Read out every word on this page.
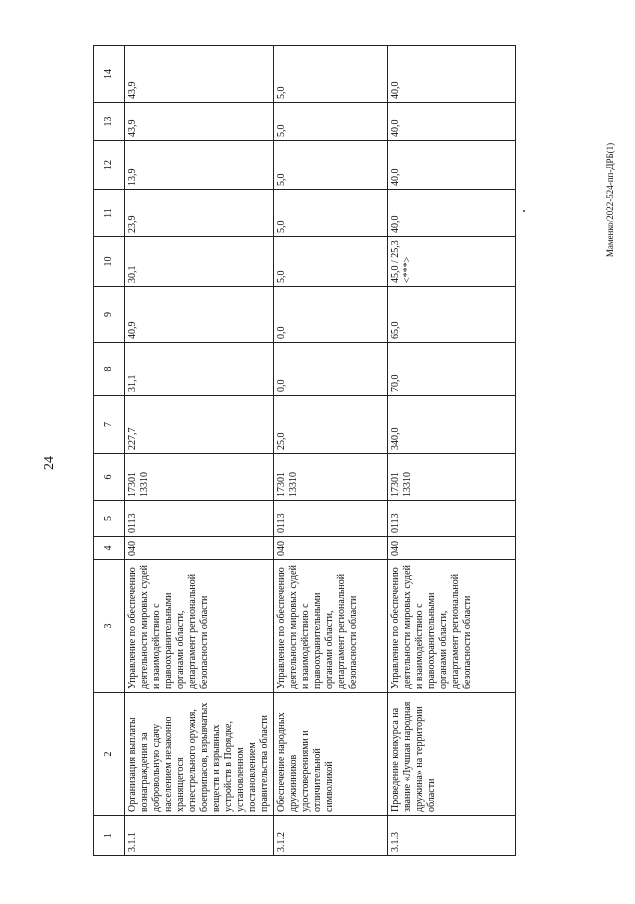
24
Маменко/2022-524-пп-ДРБ(1)
1	2	3	4	5	6	7	8	9	10	11	12	13	14
3.1.1	Организация выплаты вознаграждения за добровольную сдачу населением незаконно хранящегося огнестрельного оружия, боеприпасов, взрывчатых веществ и взрывных устройств в Порядке, установленном постановлением правительства области	Управление по обеспечению деятельности мировых судей и взаимодействию с правоохранительными органами области, департамент региональной безопасности области	040	0113	17301 13310	227,7	31,1	40,9	30,1	23,9	13,9	43,9	43,9
3.1.2	Обеспечение народных дружинников удостоверениями и отличительной символикой	Управление по обеспечению деятельности мировых судей и взаимодействию с правоохранительными органами области, департамент региональной безопасности области	040	0113	17301 13310	25,0	0,0	0,0	5,0	5,0	5,0	5,0	5,0
3.1.3	Проведение конкурса на звание «Лучшая народная дружина» на территории области	Управление по обеспечению деятельности мировых судей и взаимодействию с правоохранительными органами области, департамент региональной безопасности области	040	0113	17301 13310	340,0	70,0	65,0	45,0 / 25,3 <***>	40,0	40,0	40,0	40,0
